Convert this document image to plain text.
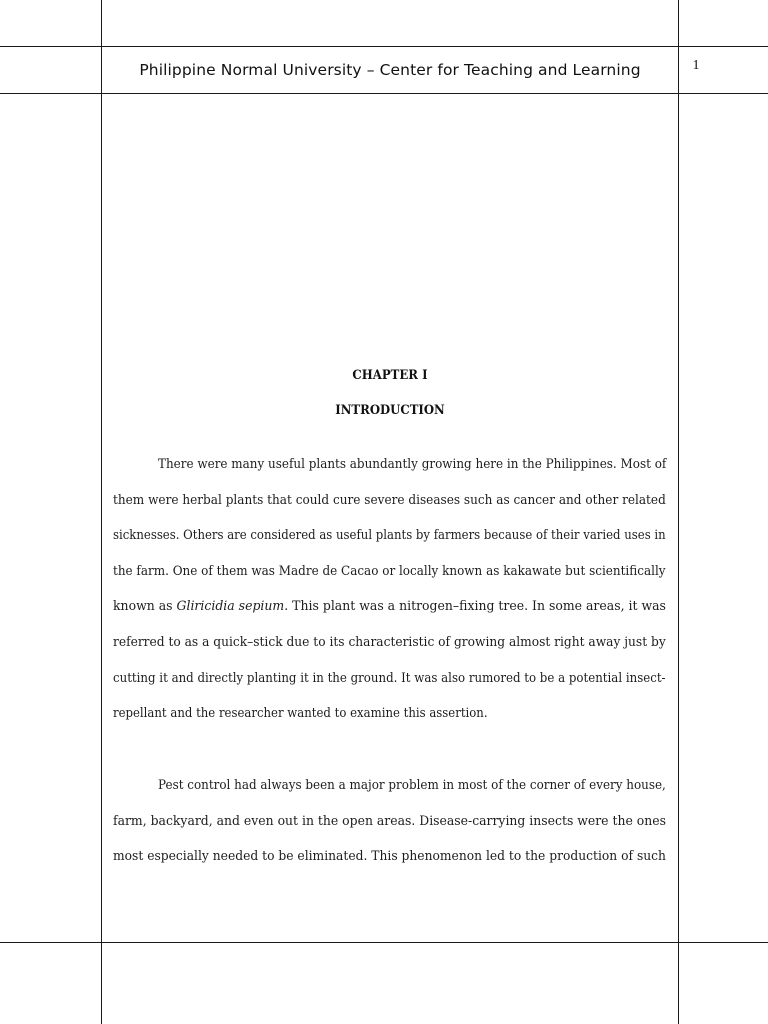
Philippine Normal University – Center for Teaching and Learning	1
CHAPTER I
INTRODUCTION
There were many useful plants abundantly growing here in the Philippines. Most of
them were herbal plants that could cure severe diseases such as cancer and other related
sicknesses. Others are considered as useful plants by farmers because of their varied uses in
the farm. One of them was Madre de Cacao or locally known as kakawate but scientifically
known as Gliricidia sepium. This plant was a nitrogen–fixing tree. In some areas, it was
referred to as a quick–stick due to its characteristic of growing almost right away just by
cutting it and directly planting it in the ground. It was also rumored to be a potential insect-
repellant and the researcher wanted to examine this assertion.
Pest control had always been a major problem in most of the corner of every house,
farm, backyard, and even out in the open areas. Disease-carrying insects were the ones
most especially needed to be eliminated. This phenomenon led to the production of such
